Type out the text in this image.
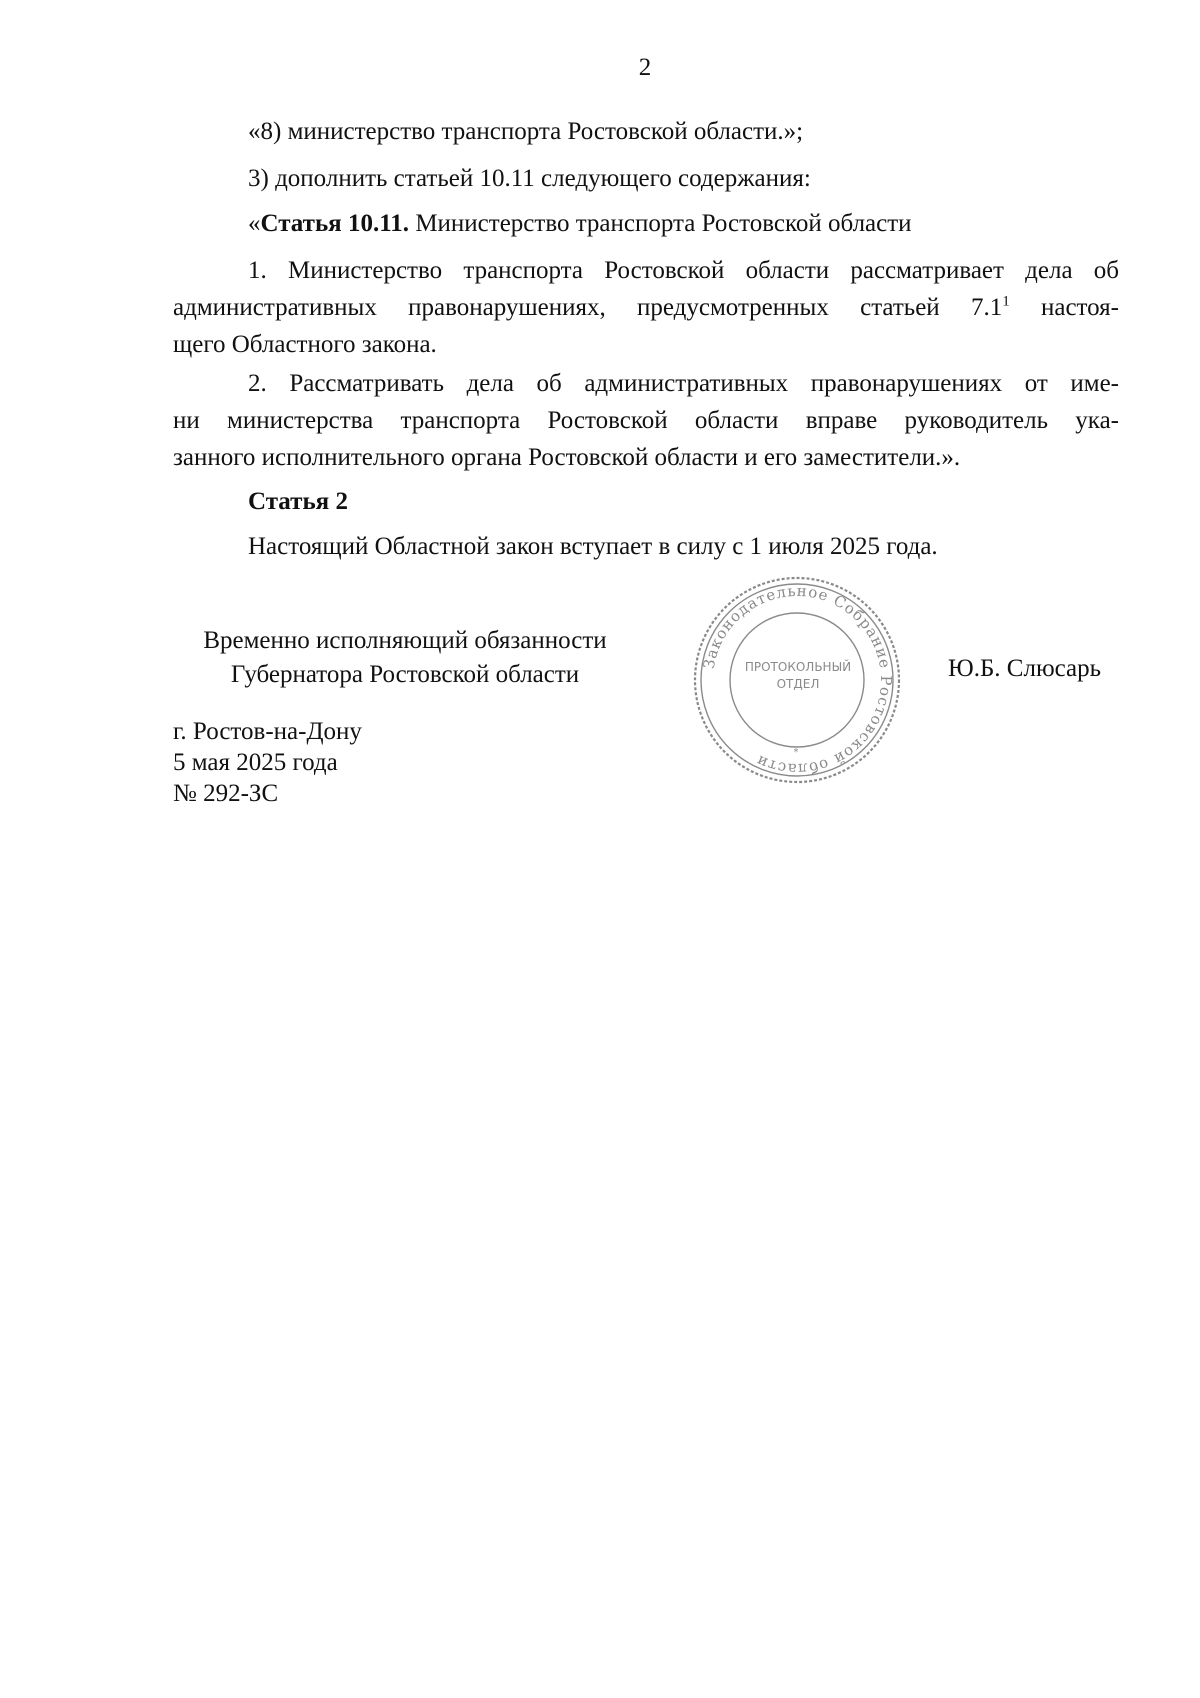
2
«8) министерство транспорта Ростовской области.»;
3) дополнить статьей 10.11 следующего содержания:
«Статья 10.11. Министерство транспорта Ростовской области
1. Министерство транспорта Ростовской области рассматривает дела об
административных правонарушениях, предусмотренных статьей $7.1^1$ настоя-
щего Областного закона.
2. Рассматривать дела об административных правонарушениях от име-
ни министерства транспорта Ростовской области вправе руководитель ука-
занного исполнительного органа Ростовской области и его заместители.».
Статья 2
Настоящий Областной закон вступает в силу с 1 июля 2025 года.
Временно исполняющий обязанности
Губернатора Ростовской области	Законодательное Собрание Ростовской области
ПРОТОКОЛЬНЫЙ
ОТДЕЛ
*
Ю.Б. Слюсарь
г. Ростов-на-Дону
5 мая 2025 года
№ 292-ЗС
